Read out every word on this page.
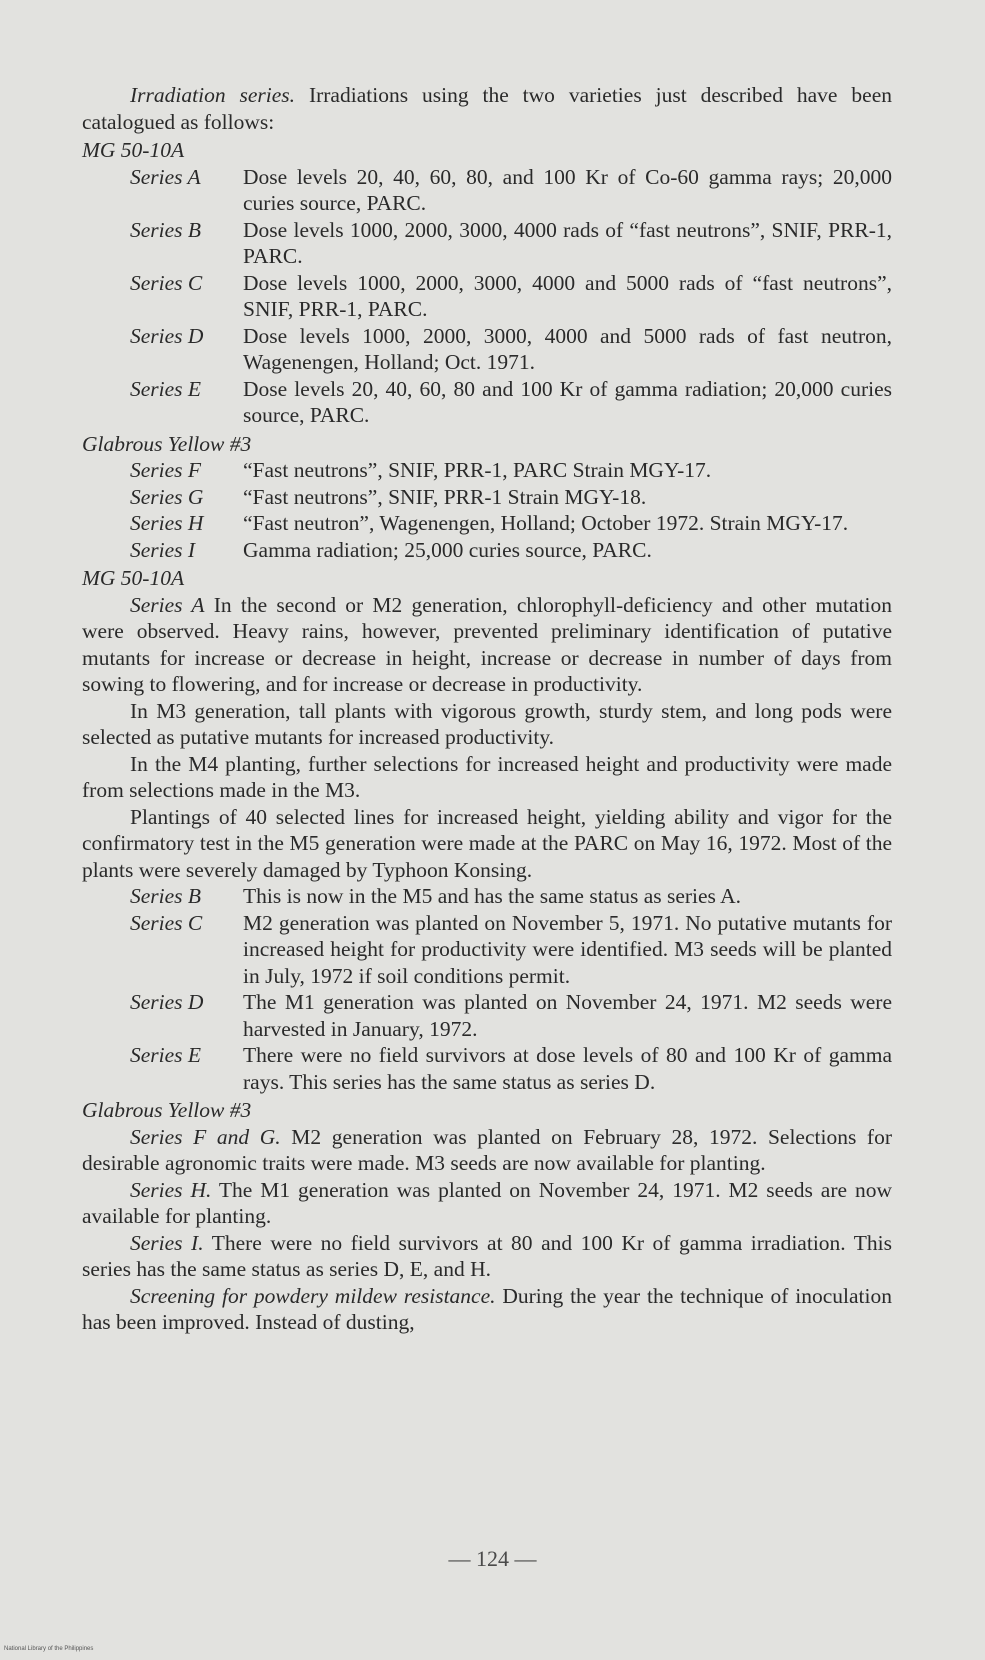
Irradiation series. Irradiations using the two varieties just described have been catalogued as follows:

MG 50-10A
Series A	Dose levels 20, 40, 60, 80, and 100 Kr of Co-60 gamma rays; 20,000 curies source, PARC.
Series B	Dose levels 1000, 2000, 3000, 4000 rads of “fast neutrons”, SNIF, PRR-1, PARC.
Series C	Dose levels 1000, 2000, 3000, 4000 and 5000 rads of “fast neutrons”, SNIF, PRR-1, PARC.
Series D	Dose levels 1000, 2000, 3000, 4000 and 5000 rads of fast neutron, Wagenengen, Holland; Oct. 1971.
Series E	Dose levels 20, 40, 60, 80 and 100 Kr of gamma radiation; 20,000 curies source, PARC.
Glabrous Yellow #3
Series F	“Fast neutrons”, SNIF, PRR-1, PARC Strain MGY-17.
Series G	“Fast neutrons”, SNIF, PRR-1 Strain MGY-18.
Series H	“Fast neutron”, Wagenengen, Holland; October 1972. Strain MGY-17.
Series I	Gamma radiation; 25,000 curies source, PARC.
MG 50-10A

Series A In the second or M2 generation, chlorophyll-deficiency and other mutation were observed. Heavy rains, however, prevented preliminary identification of putative mutants for increase or decrease in height, increase or decrease in number of days from sowing to flowering, and for increase or decrease in productivity.

In M3 generation, tall plants with vigorous growth, sturdy stem, and long pods were selected as putative mutants for increased productivity.

In the M4 planting, further selections for increased height and productivity were made from selections made in the M3.

Plantings of 40 selected lines for increased height, yielding ability and vigor for the confirmatory test in the M5 generation were made at the PARC on May 16, 1972. Most of the plants were severely damaged by Typhoon Konsing.

Series B	This is now in the M5 and has the same status as series A.
Series C	M2 generation was planted on November 5, 1971. No putative mutants for increased height for productivity were identified. M3 seeds will be planted in July, 1972 if soil conditions permit.
Series D	The M1 generation was planted on November 24, 1971. M2 seeds were harvested in January, 1972.
Series E	There were no field survivors at dose levels of 80 and 100 Kr of gamma rays. This series has the same status as series D.
Glabrous Yellow #3

Series F and G. M2 generation was planted on February 28, 1972. Selections for desirable agronomic traits were made. M3 seeds are now available for planting.

Series H. The M1 generation was planted on November 24, 1971. M2 seeds are now available for planting.

Series I. There were no field survivors at 80 and 100 Kr of gamma irradiation. This series has the same status as series D, E, and H.

Screening for powdery mildew resistance. During the year the technique of inoculation has been improved. Instead of dusting,

— 124 —
National Library of the Philippines
